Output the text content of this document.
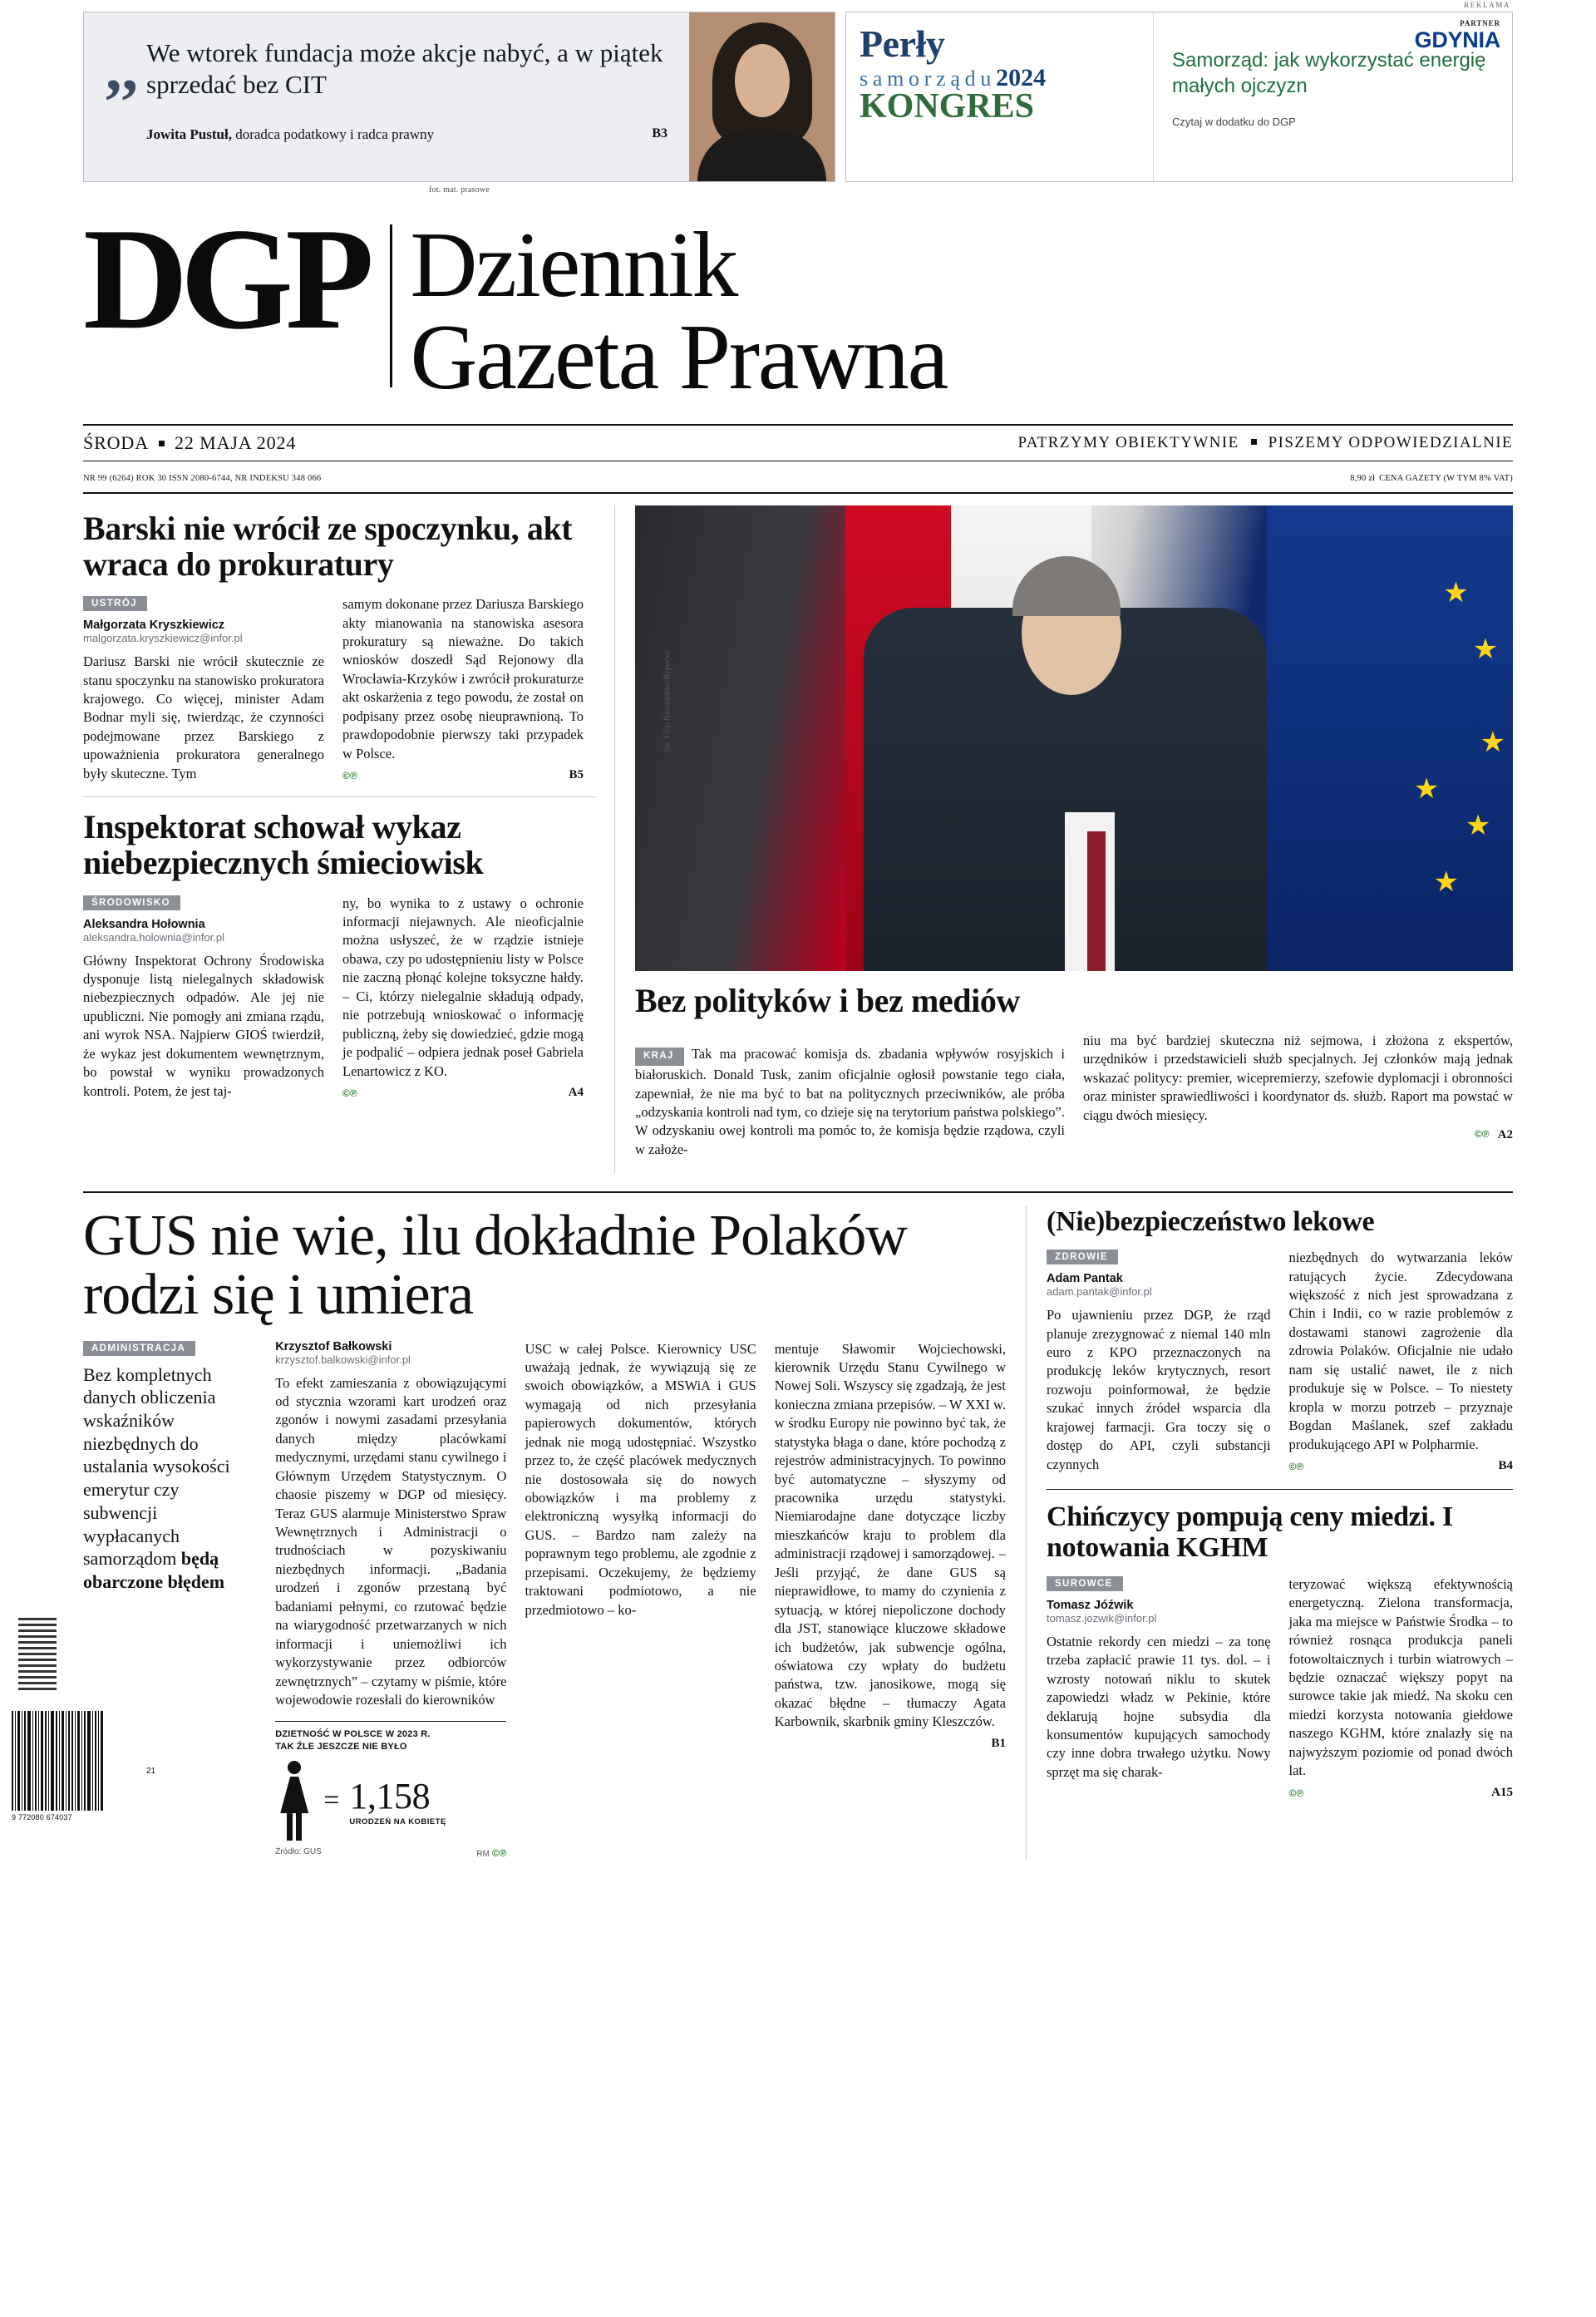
,, We wtorek fundacja może akcje nabyć, a w piątek sprzedać bez CIT
B3
Jowita Pustuł, doradca podatkowy i radca prawny
fot. mat. prasowe
REKLAMA
Perły
samorządu2024
KONGRES
PARTNER
GDYNIA
Samorząd: jak wykorzystać energię małych ojczyzn
Czytaj w dodatku do DGP
DGP Dziennik
Gazeta Prawna
ŚRODA 22 MAJA 2024	PATRZYMY OBIEKTYWNIE PISZEMY ODPOWIEDZIALNIE
NR 99 (6264) ROK 30 ISSN 2080-6744, NR INDEKSU 348 066	8,90 zł CENA GAZETY (W TYM 8% VAT)
Barski nie wrócił ze spoczynku, akt wraca do prokuratury
USTRÓJ
Małgorzata Kryszkiewicz
malgorzata.kryszkiewicz@infor.pl

Dariusz Barski nie wrócił skutecznie ze stanu spoczynku na stanowisko prokuratora krajowego. Co więcej, minister Adam Bodnar myli się, twierdząc, że czynności podejmowane przez Barskiego z upoważnienia prokuratora generalnego były skuteczne. Tym

samym dokonane przez Dariusza Barskiego akty mianowania na stanowiska asesora prokuratury są nieważne. Do takich wniosków doszedł Sąd Rejonowy dla Wrocławia-Krzyków i zwrócił prokuraturze akt oskarżenia z tego powodu, że został on podpisany przez osobę nieuprawnioną. To prawdopodobnie pierwszy taki przypadek w Polsce.

B5
©℗
Inspektorat schował wykaz niebezpiecznych śmieciowisk
ŚRODOWISKO
Aleksandra Hołownia
aleksandra.holownia@infor.pl

Główny Inspektorat Ochrony Środowiska dysponuje listą nielegalnych składowisk niebezpiecznych odpadów. Ale jej nie upubliczni. Nie pomogły ani zmiana rządu, ani wyrok NSA. Najpierw GIOŚ twierdził, że wykaz jest dokumentem wewnętrznym, bo powstał w wyniku prowadzonych kontroli. Potem, że jest taj-

ny, bo wynika to z ustawy o ochronie informacji niejawnych. Ale nieoficjalnie można usłyszeć, że w rządzie istnieje obawa, czy po udostępnieniu listy w Polsce nie zaczną płonąć kolejne toksyczne hałdy. – Ci, którzy nielegalnie składują odpady, nie potrzebują wnioskować o informację publiczną, żeby się dowiedzieć, gdzie mogą je podpalić – odpiera jednak poseł Gabriela Lenartowicz z KO.

A4
©℗
★
★
★
★
★
★
fot. Filip Naumienko/Reporter
Bez polityków i bez mediów

KRAJ Tak ma pracować komisja ds. zbadania wpływów rosyjskich i białoruskich. Donald Tusk, zanim oficjalnie ogłosił powstanie tego ciała, zapewniał, że nie ma być to bat na politycznych przeciwników, ale próba „odzyskania kontroli nad tym, co dzieje się na terytorium państwa polskiego”. W odzyskaniu owej kontroli ma pomóc to, że komisja będzie rządowa, czyli w założe-

niu ma być bardziej skuteczna niż sejmowa, i złożona z ekspertów, urzędników i przedstawicieli służb specjalnych. Jej członków mają jednak wskazać politycy: premier, wicepremierzy, szefowie dyplomacji i obronności oraz minister sprawiedliwości i koordynator ds. służb. Raport ma powstać w ciągu dwóch miesięcy.

A2
©℗
GUS nie wie, ilu dokładnie Polaków rodzi się i umiera
ADMINISTRACJA
Bez kompletnych danych obliczenia wskaźników niezbędnych do ustalania wysokości emerytur czy subwencji wypłacanych samorządom będą obarczone błędem
Krzysztof Bałkowski
krzysztof.balkowski@infor.pl

To efekt zamieszania z obowiązującymi od stycznia wzorami kart urodzeń oraz zgonów i nowymi zasadami przesyłania danych między placówkami medycznymi, urzędami stanu cywilnego i Głównym Urzędem Statystycznym. O chaosie piszemy w DGP od miesięcy. Teraz GUS alarmuje Ministerstwo Spraw Wewnętrznych i Administracji o trudnościach w pozyskiwaniu niezbędnych informacji. „Badania urodzeń i zgonów przestaną być badaniami pełnymi, co rzutować będzie na wiarygodność przetwarzanych w nich informacji i uniemożliwi ich wykorzystywanie przez odbiorców zewnętrznych” – czytamy w piśmie, które wojewodowie rozesłali do kierowników

DZIETNOŚĆ W POLSCE W 2023 R.
TAK ŹLE JESZCZE NIE BYŁO
= 1,158
URODZEŃ NA KOBIETĘ
Źródło: GUS	RM ©℗

USC w całej Polsce. Kierownicy USC uważają jednak, że wywiązują się ze swoich obowiązków, a MSWiA i GUS wymagają od nich przesyłania papierowych dokumentów, których jednak nie mogą udostępniać. Wszystko przez to, że część placówek medycznych nie dostosowała się do nowych obowiązków i ma problemy z elektroniczną wysyłką informacji do GUS. – Bardzo nam zależy na poprawnym tego problemu, ale zgodnie z przepisami. Oczekujemy, że będziemy traktowani podmiotowo, a nie przedmiotowo – ko-

mentuje Sławomir Wojciechowski, kierownik Urzędu Stanu Cywilnego w Nowej Soli. Wszyscy się zgadzają, że jest konieczna zmiana przepisów. – W XXI w. w środku Europy nie powinno być tak, że statystyka błaga o dane, które pochodzą z rejestrów administracyjnych. To powinno być automatyczne – słyszymy od pracownika urzędu statystyki. Niemiarodajne dane dotyczące liczby mieszkańców kraju to problem dla administracji rządowej i samorządowej. – Jeśli przyjąć, że dane GUS są nieprawidłowe, to mamy do czynienia z sytuacją, w której niepoliczone dochody dla JST, stanowiące kluczowe składowe ich budżetów, jak subwencje ogólna, oświatowa czy wpłaty do budżetu państwa, tzw. janosikowe, mogą się okazać błędne – tłumaczy Agata Karbownik, skarbnik gminy Kleszczów.

B1
(Nie)bezpieczeństwo lekowe
ZDROWIE
Adam Pantak
adam.pantak@infor.pl

Po ujawnieniu przez DGP, że rząd planuje zrezygnować z niemal 140 mln euro z KPO przeznaczonych na produkcję leków krytycznych, resort rozwoju poinformował, że będzie szukać innych źródeł wsparcia dla krajowej farmacji. Gra toczy się o dostęp do API, czyli substancji czynnych

niezbędnych do wytwarzania leków ratujących życie. Zdecydowana większość z nich jest sprowadzana z Chin i Indii, co w razie problemów z dostawami stanowi zagrożenie dla zdrowia Polaków. Oficjalnie nie udało nam się ustalić nawet, ile z nich produkuje się w Polsce. – To niestety kropla w morzu potrzeb – przyznaje Bogdan Maślanek, szef zakładu produkującego API w Polpharmie.

B4
©℗
Chińczycy pompują ceny miedzi. I notowania KGHM
SUROWCE
Tomasz Jóźwik
tomasz.jozwik@infor.pl

Ostatnie rekordy cen miedzi – za tonę trzeba zapłacić prawie 11 tys. dol. – i wzrosty notowań niklu to skutek zapowiedzi władz w Pekinie, które deklarują hojne subsydia dla konsumentów kupujących samochody czy inne dobra trwałego użytku. Nowy sprzęt ma się charak-

teryzować większą efektywnością energetyczną. Zielona transformacja, jaka ma miejsce w Państwie Środka – to również rosnąca produkcja paneli fotowoltaicznych i turbin wiatrowych – będzie oznaczać większy popyt na surowce takie jak miedź. Na skoku cen miedzi korzysta notowania giełdowe naszego KGHM, które znalazły się na najwyższym poziomie od ponad dwóch lat.

A15
©℗
9 772080 674037
21
